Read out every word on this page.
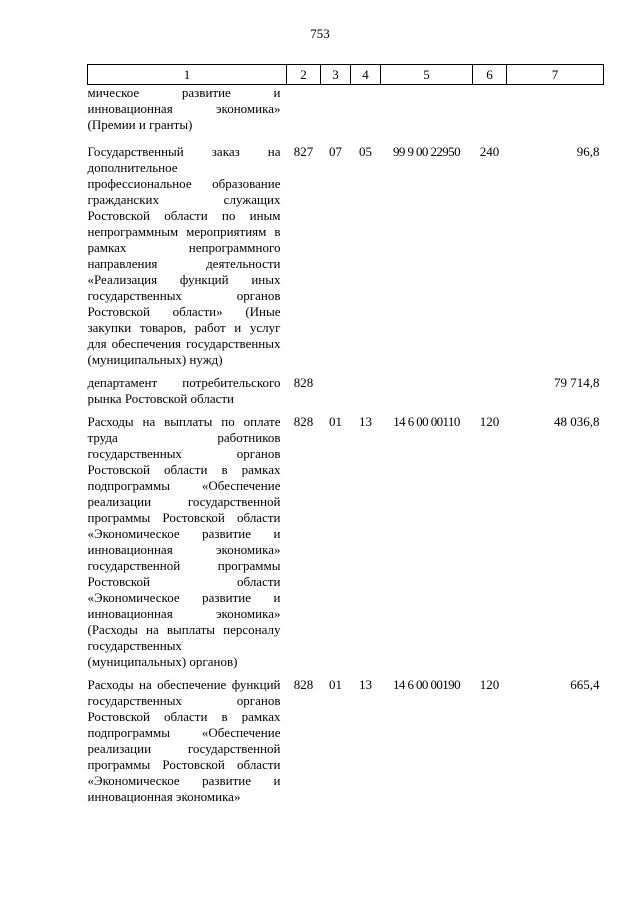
753
1	2	3	4	5	6	7
мическое развитие и инновационная экономика» (Премии и гранты)						
Государственный заказ на дополнительное профессиональное образование гражданских служащих Ростовской области по иным непрограммным мероприятиям в рамках непрограммного направления деятельности «Реализация функций иных государственных органов Ростовской области» (Иные закупки товаров, работ и услуг для обеспечения государственных (муниципальных) нужд)	827	07	05	99 9 00 22950	240	96,8
департамент потребительского рынка Ростовской области	828					79 714,8
Расходы на выплаты по оплате труда работников государственных органов Ростовской области в рамках подпрограммы «Обеспечение реализации государственной программы Ростовской области «Экономическое развитие и инновационная экономика» государственной программы Ростовской области «Экономическое развитие и инновационная экономика» (Расходы на выплаты персоналу государственных (муниципальных) органов)	828	01	13	14 6 00 00110	120	48 036,8
Расходы на обеспечение функций государственных органов Ростовской области в рамках подпрограммы «Обеспечение реализации государственной программы Ростовской области «Экономическое развитие и инновационная экономика»	828	01	13	14 6 00 00190	120	665,4
